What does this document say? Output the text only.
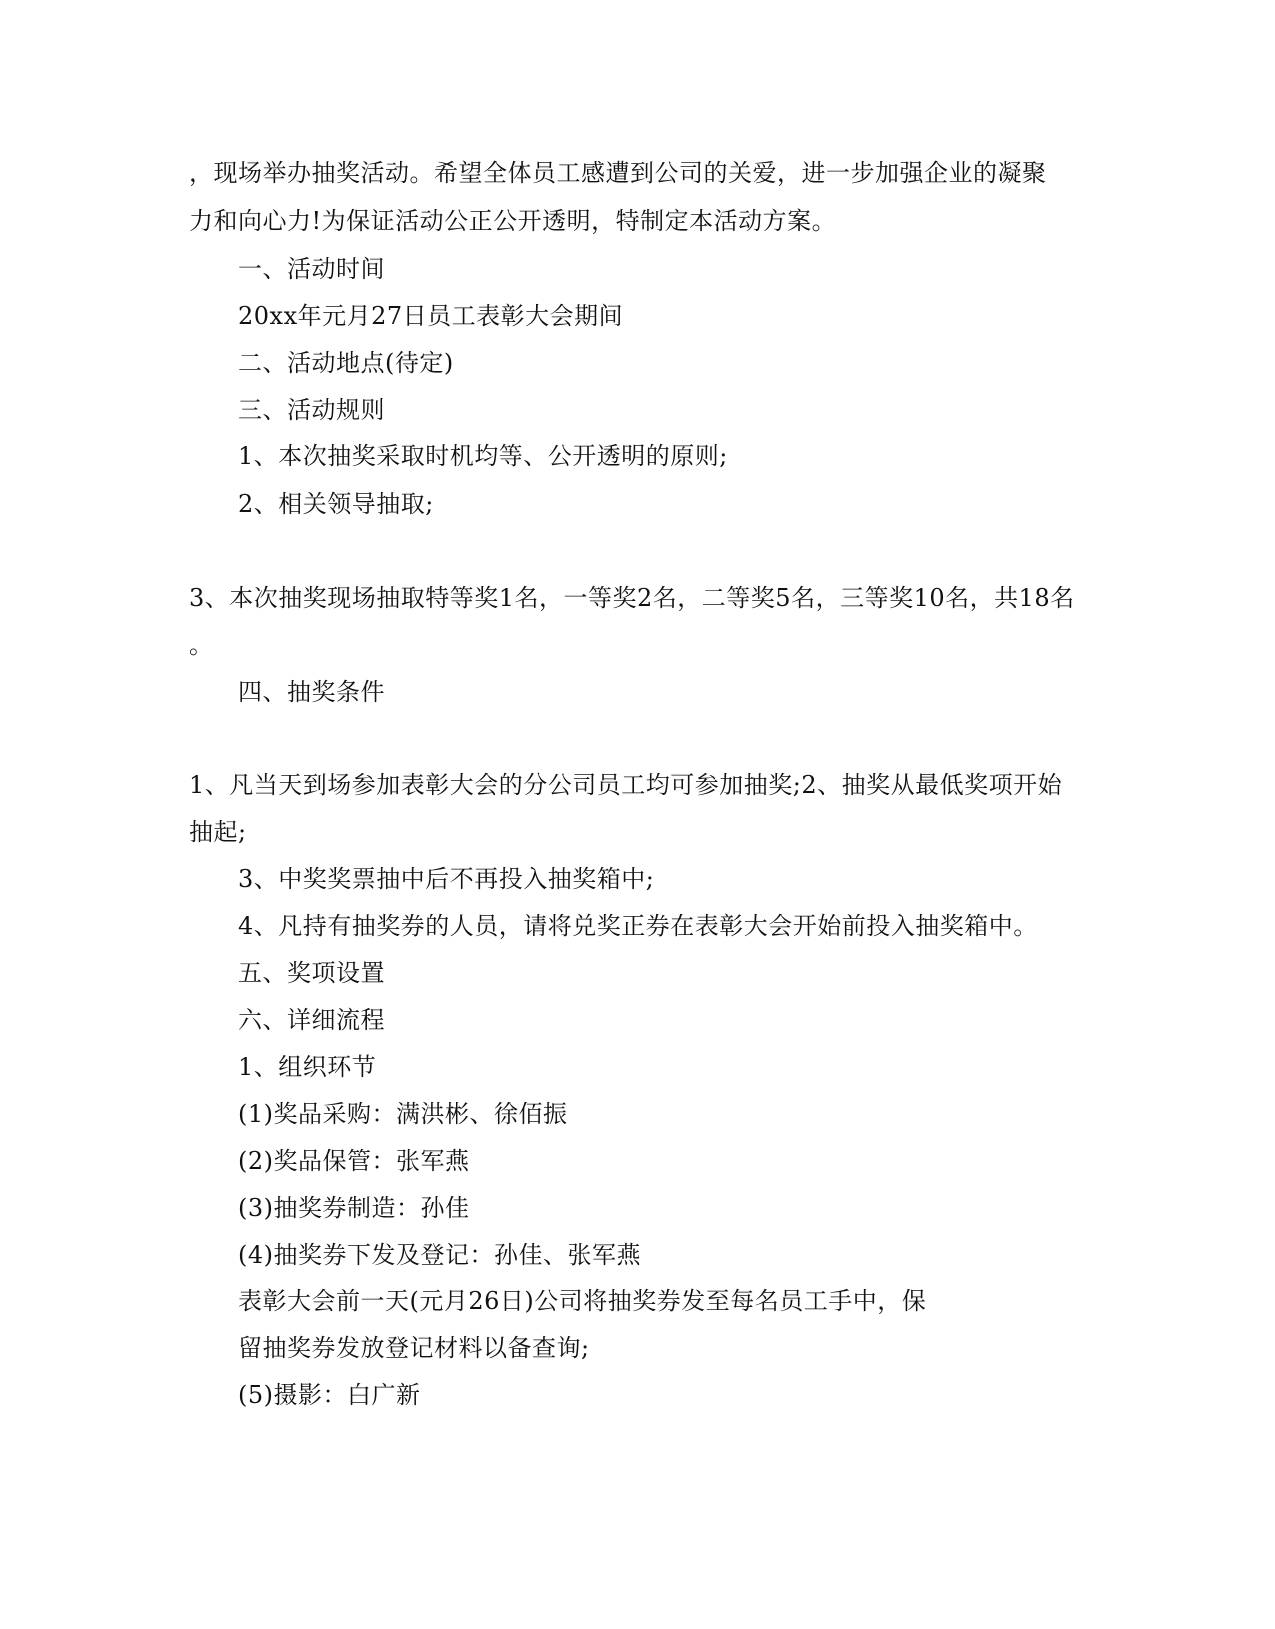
，现场举办抽奖活动。希望全体员工感遭到公司的关爱，进一步加强企业的凝聚
力和向心力!为保证活动公正公开透明，特制定本活动方案。
一、活动时间
20xx年元月27日员工表彰大会期间
二、活动地点(待定)
三、活动规则
1、本次抽奖采取时机均等、公开透明的原则;
2、相关领导抽取;
3、本次抽奖现场抽取特等奖1名，一等奖2名，二等奖5名，三等奖10名，共18名
。
四、抽奖条件
1、凡当天到场参加表彰大会的分公司员工均可参加抽奖;2、抽奖从最低奖项开始
抽起;
3、中奖奖票抽中后不再投入抽奖箱中;
4、凡持有抽奖券的人员，请将兑奖正券在表彰大会开始前投入抽奖箱中。
五、奖项设置
六、详细流程
1、组织环节
(1)奖品采购：满洪彬、徐佰振
(2)奖品保管：张军燕
(3)抽奖券制造：孙佳
(4)抽奖券下发及登记：孙佳、张军燕
表彰大会前一天(元月26日)公司将抽奖券发至每名员工手中，保
留抽奖券发放登记材料以备查询;
(5)摄影：白广新
